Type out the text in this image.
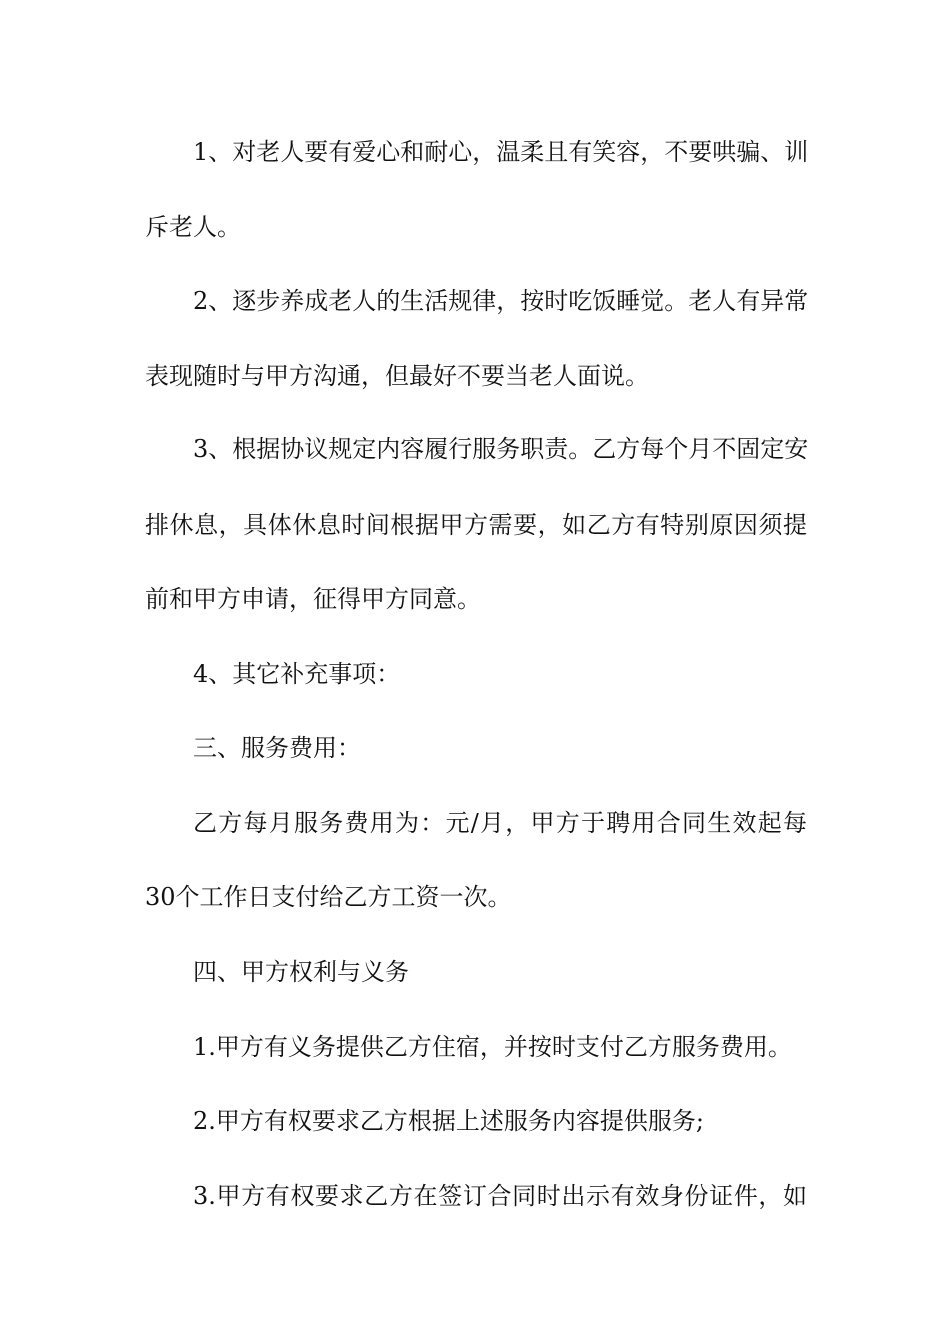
1、对老人要有爱心和耐心，温柔且有笑容，不要哄骗、训
斥老人。
2、逐步养成老人的生活规律，按时吃饭睡觉。老人有异常
表现随时与甲方沟通，但最好不要当老人面说。
3、根据协议规定内容履行服务职责。乙方每个月不固定安
排休息，具体休息时间根据甲方需要，如乙方有特别原因须提
前和甲方申请，征得甲方同意。
4、其它补充事项：
三、服务费用：
乙方每月服务费用为：元/月，甲方于聘用合同生效起每
30个工作日支付给乙方工资一次。
四、甲方权利与义务
1.甲方有义务提供乙方住宿，并按时支付乙方服务费用。
2.甲方有权要求乙方根据上述服务内容提供服务;
3.甲方有权要求乙方在签订合同时出示有效身份证件，如
